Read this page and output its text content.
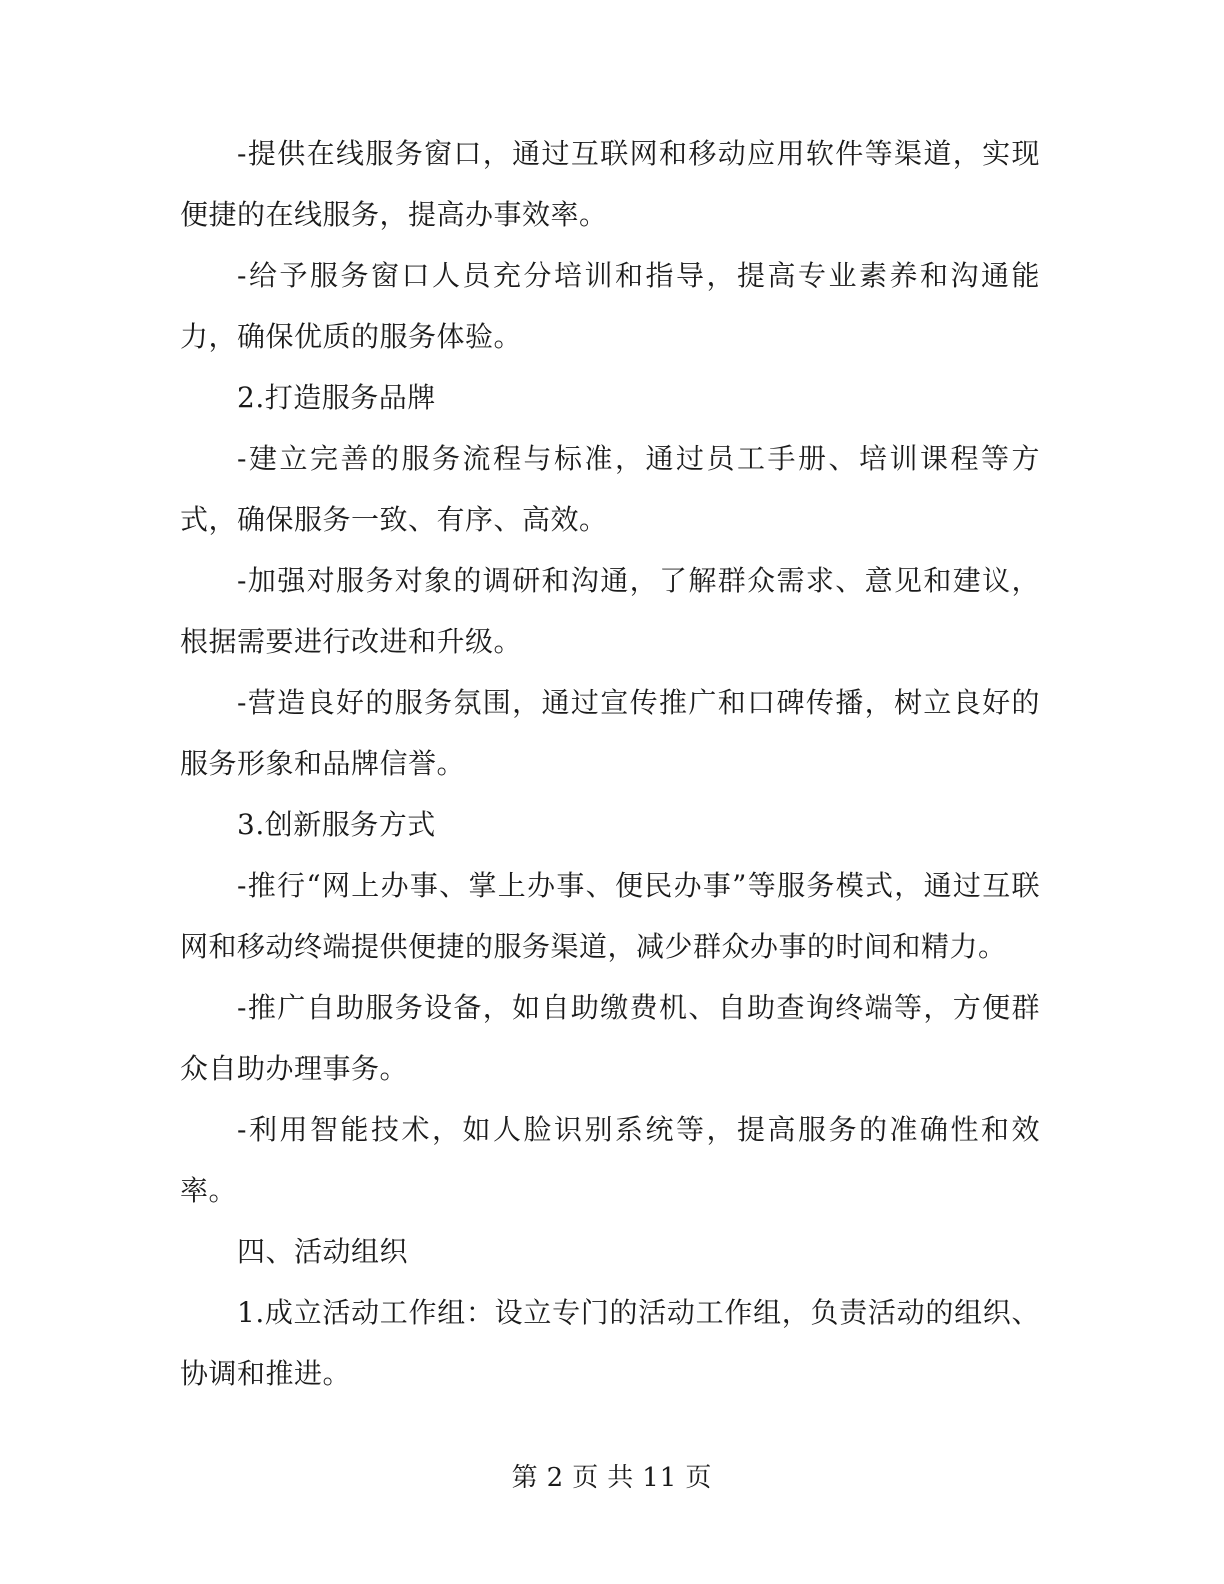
-提供在线服务窗口，通过互联网和移动应用软件等渠道，实现便捷的在线服务，提高办事效率。

-给予服务窗口人员充分培训和指导，提高专业素养和沟通能力，确保优质的服务体验。

2.打造服务品牌

-建立完善的服务流程与标准，通过员工手册、培训课程等方式，确保服务一致、有序、高效。

-加强对服务对象的调研和沟通，了解群众需求、意见和建议，根据需要进行改进和升级。

-营造良好的服务氛围，通过宣传推广和口碑传播，树立良好的服务形象和品牌信誉。

3.创新服务方式

-推行“网上办事、掌上办事、便民办事”等服务模式，通过互联网和移动终端提供便捷的服务渠道，减少群众办事的时间和精力。

-推广自助服务设备，如自助缴费机、自助查询终端等，方便群众自助办理事务。

-利用智能技术，如人脸识别系统等，提高服务的准确性和效率。

四、活动组织

1.成立活动工作组：设立专门的活动工作组，负责活动的组织、协调和推进。

第 2 页 共 11 页
